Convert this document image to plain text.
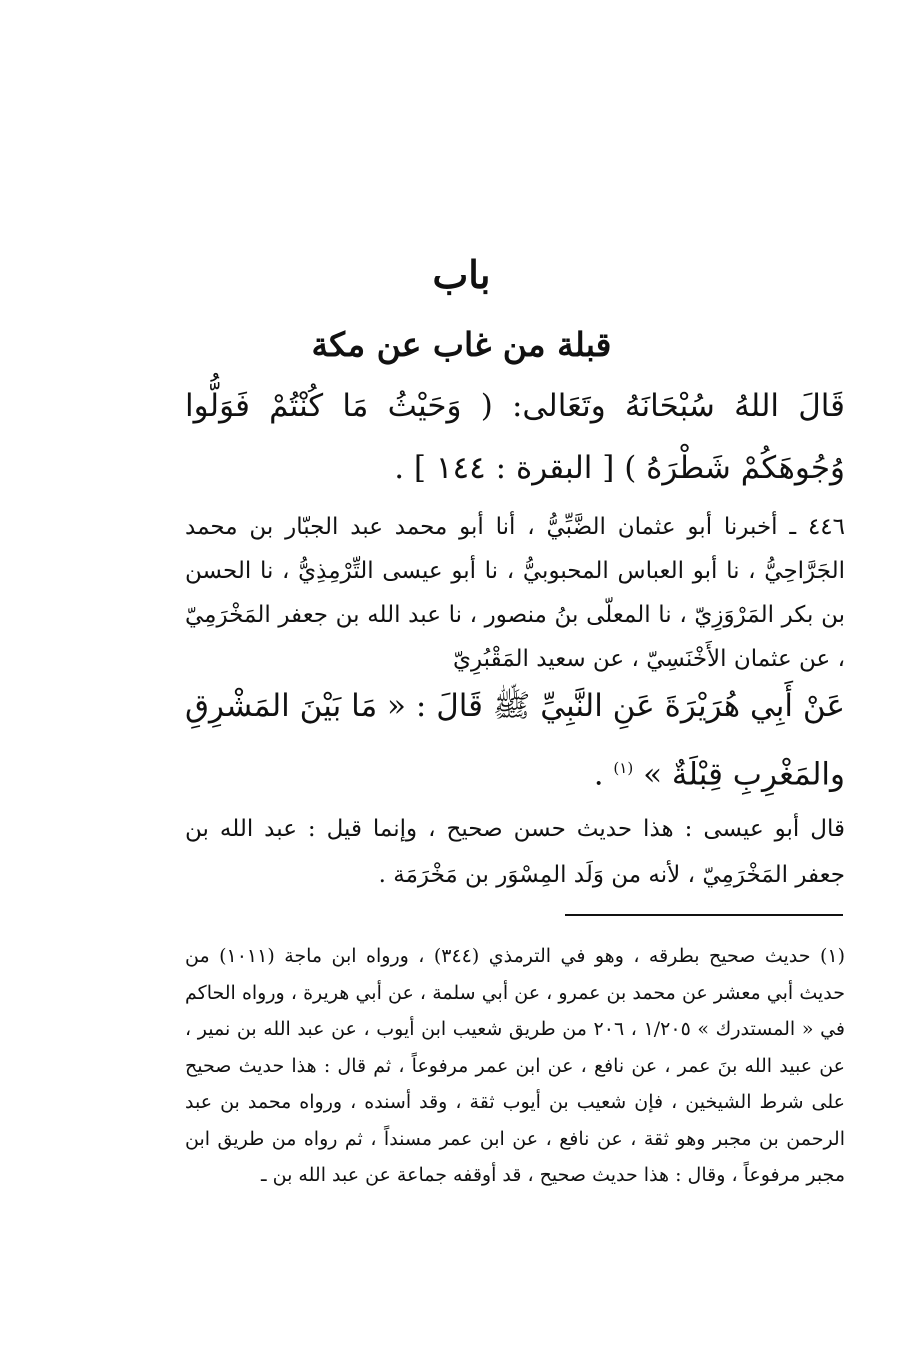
باب
قبلة من غاب عن مكة
قَالَ اللهُ سُبْحَانَهُ وتَعَالى: ( وَحَيْثُ مَا كُنْتُمْ فَوَلُّوا وُجُوهَكُمْ شَطْرَهُ ) [ البقرة : ١٤٤ ] .
٤٤٦ ـ أخبرنا أبو عثمان الضَّبِّيُّ ، أنا أبو محمد عبد الجبّار بن محمد الجَرَّاحِيُّ ، نا أبو العباس المحبوبيُّ ، نا أبو عيسى التِّرْمِذِيُّ ، نا الحسن بن بكر المَرْوَزِيّ ، نا المعلّى بنُ منصور ، نا عبد الله بن جعفر المَخْرَمِيّ ، عن عثمان الأَخْنَسِيّ ، عن سعيد المَقْبُرِيّ
عَنْ أَبِي هُرَيْرَةَ عَنِ النَّبِيِّ ﷺ قَالَ : « مَا بَيْنَ المَشْرِقِ والمَغْرِبِ قِبْلَةٌ » $^{(١)}$ .
قال أبو عيسى : هذا حديث حسن صحيح ، وإنما قيل : عبد الله بن جعفر المَخْرَمِيّ ، لأنه من وَلَد المِسْوَر بن مَخْرَمَة .
(١) حديث صحيح بطرقه ، وهو في الترمذي (٣٤٤) ، ورواه ابن ماجة (١٠١١) من حديث أبي معشر عن محمد بن عمرو ، عن أبي سلمة ، عن أبي هريرة ، ورواه الحاكم في « المستدرك » ١/٢٠٥ ، ٢٠٦ من طريق شعيب ابن أيوب ، عن عبد الله بن نمير ، عن عبيد الله بنَ عمر ، عن نافع ، عن ابن عمر مرفوعاً ، ثم قال : هذا حديث صحيح على شرط الشيخين ، فإن شعيب بن أيوب ثقة ، وقد أسنده ، ورواه محمد بن عبد الرحمن بن مجبر وهو ثقة ، عن نافع ، عن ابن عمر مسنداً ، ثم رواه من طريق ابن مجبر مرفوعاً ، وقال : هذا حديث صحيح ، قد أوقفه جماعة عن عبد الله بن ـ
